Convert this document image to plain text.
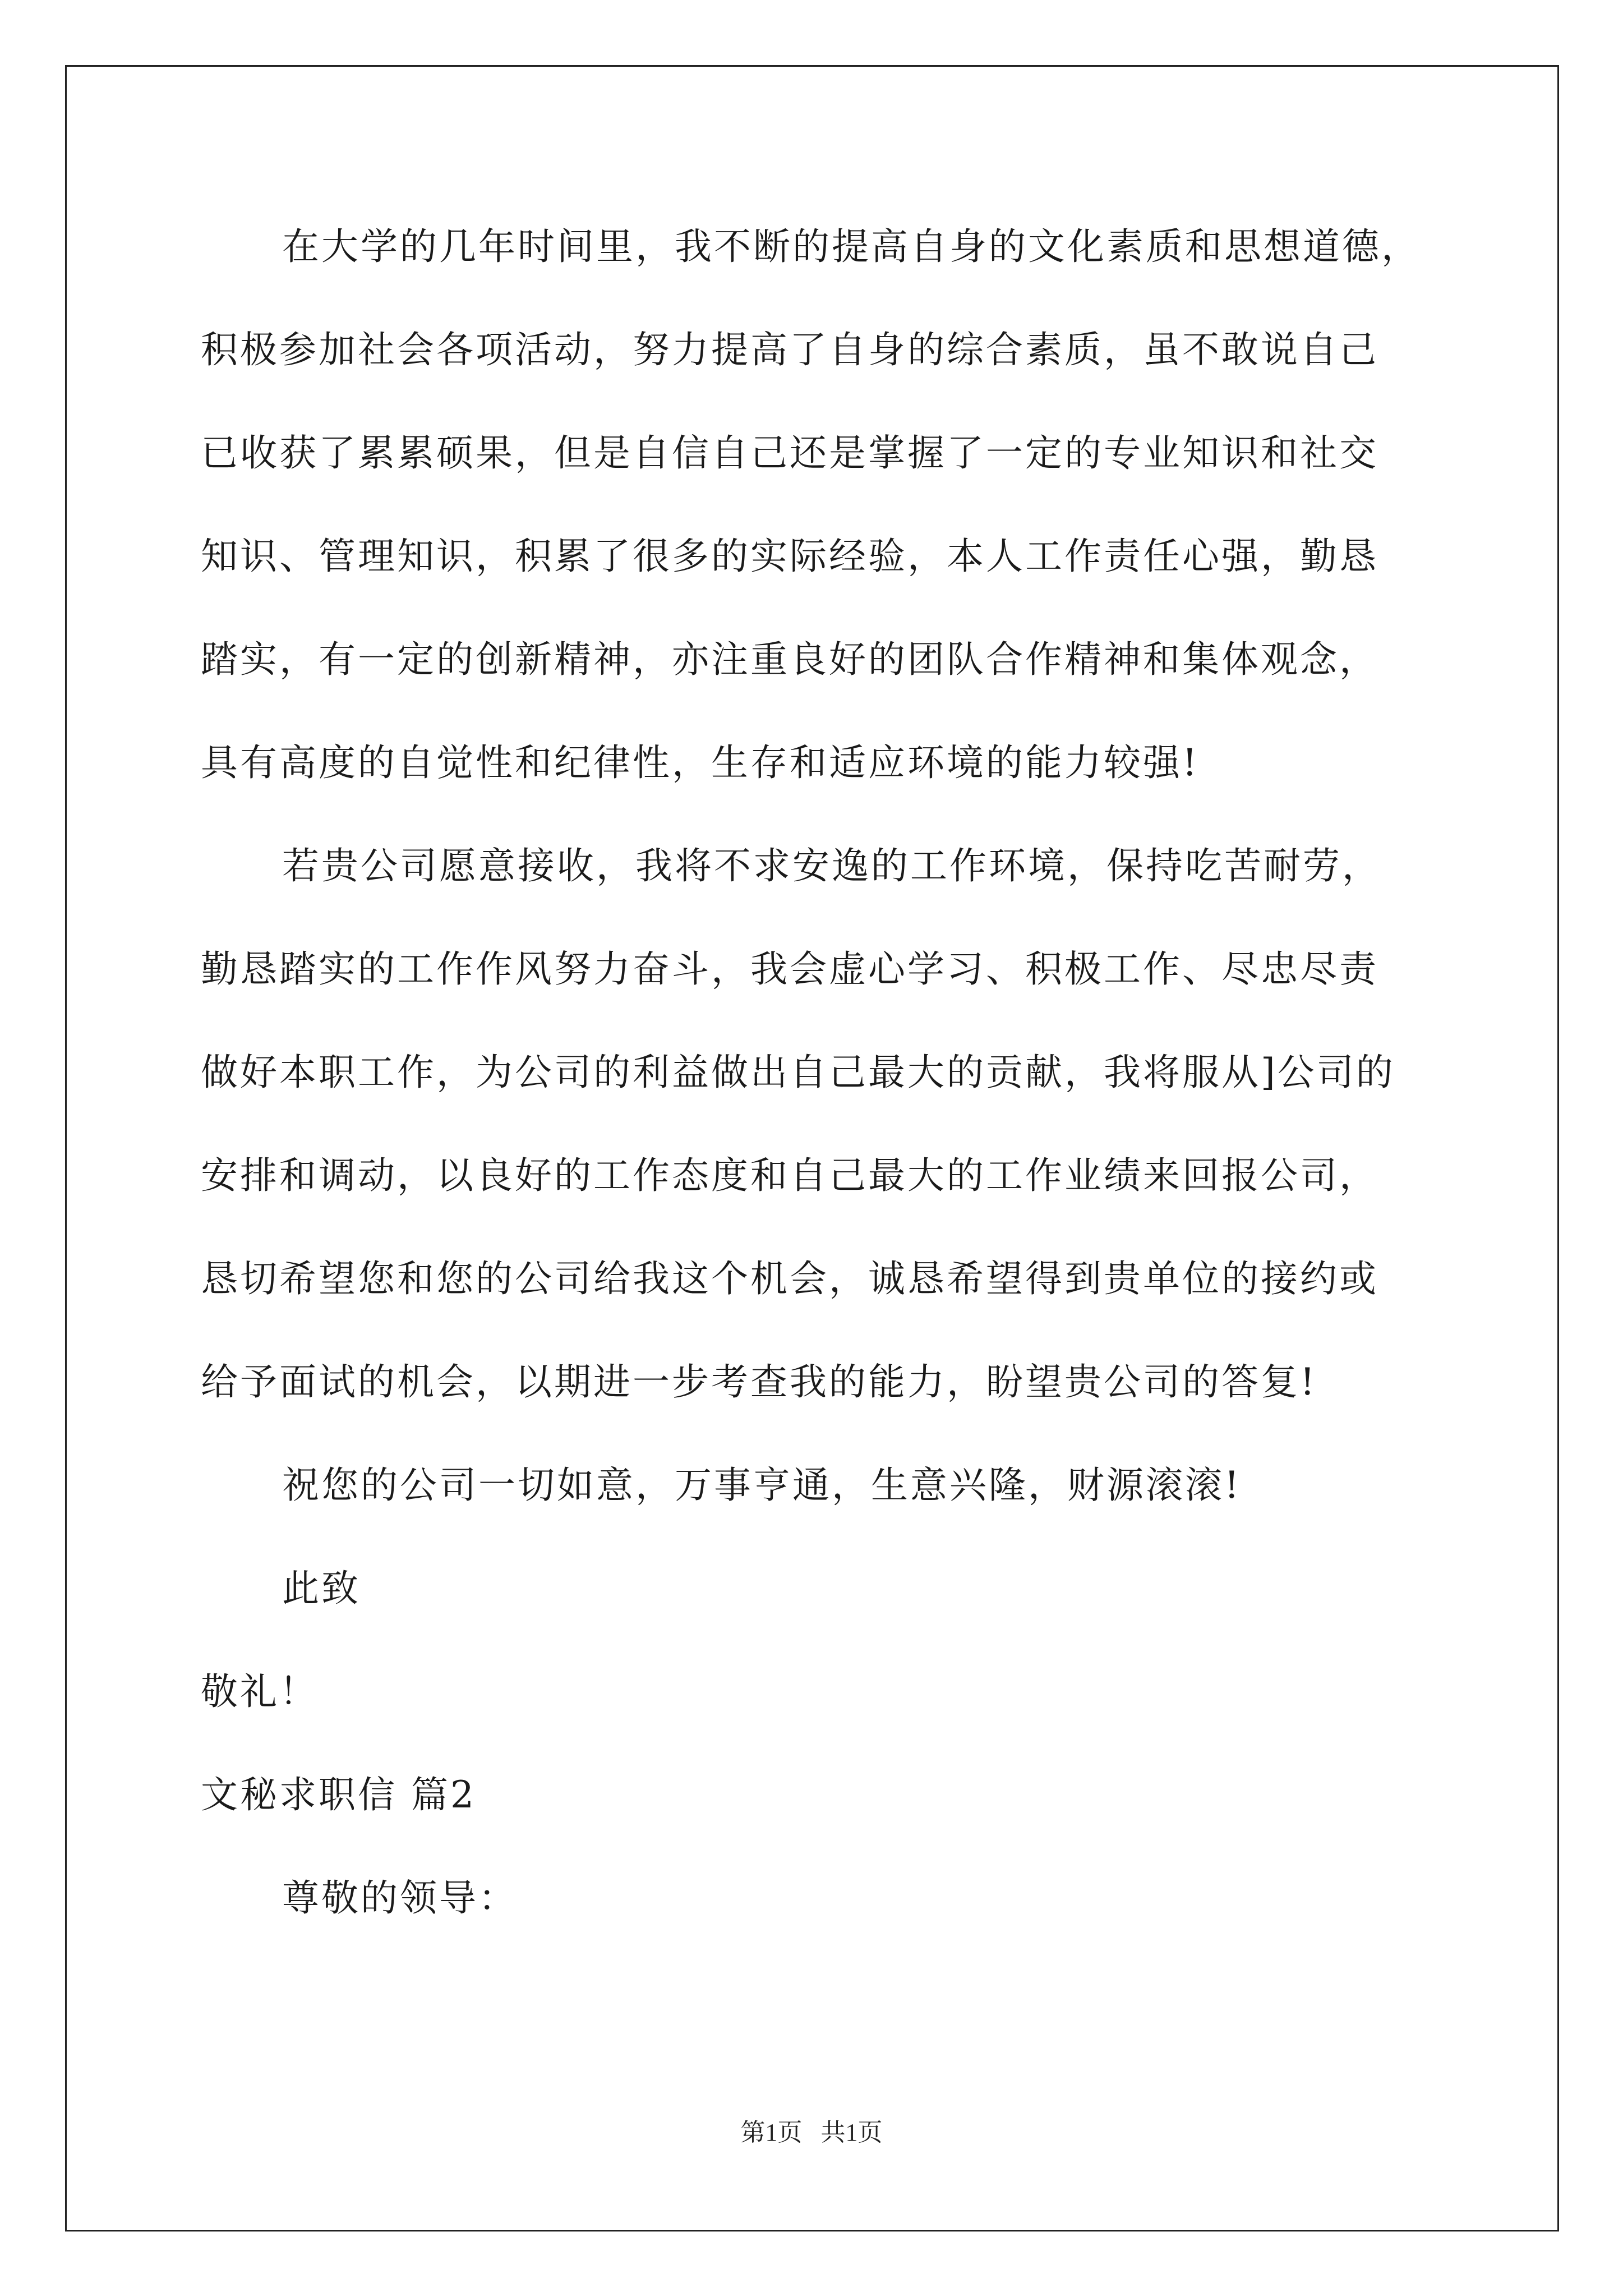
在大学的几年时间里，我不断的提高自身的文化素质和思想道德，
积极参加社会各项活动，努力提高了自身的综合素质，虽不敢说自己
已收获了累累硕果，但是自信自己还是掌握了一定的专业知识和社交
知识、管理知识，积累了很多的实际经验，本人工作责任心强，勤恳
踏实，有一定的创新精神，亦注重良好的团队合作精神和集体观念，
具有高度的自觉性和纪律性，生存和适应环境的能力较强!
若贵公司愿意接收，我将不求安逸的工作环境，保持吃苦耐劳，
勤恳踏实的工作作风努力奋斗，我会虚心学习、积极工作、尽忠尽责
做好本职工作，为公司的利益做出自己最大的贡献，我将服从]公司的
安排和调动，以良好的工作态度和自己最大的工作业绩来回报公司，
恳切希望您和您的公司给我这个机会，诚恳希望得到贵单位的接约或
给予面试的机会，以期进一步考查我的能力，盼望贵公司的答复!
祝您的公司一切如意，万事亨通，生意兴隆，财源滚滚!
此致
敬礼！
文秘求职信 篇2
尊敬的领导：
第1页   共1页
